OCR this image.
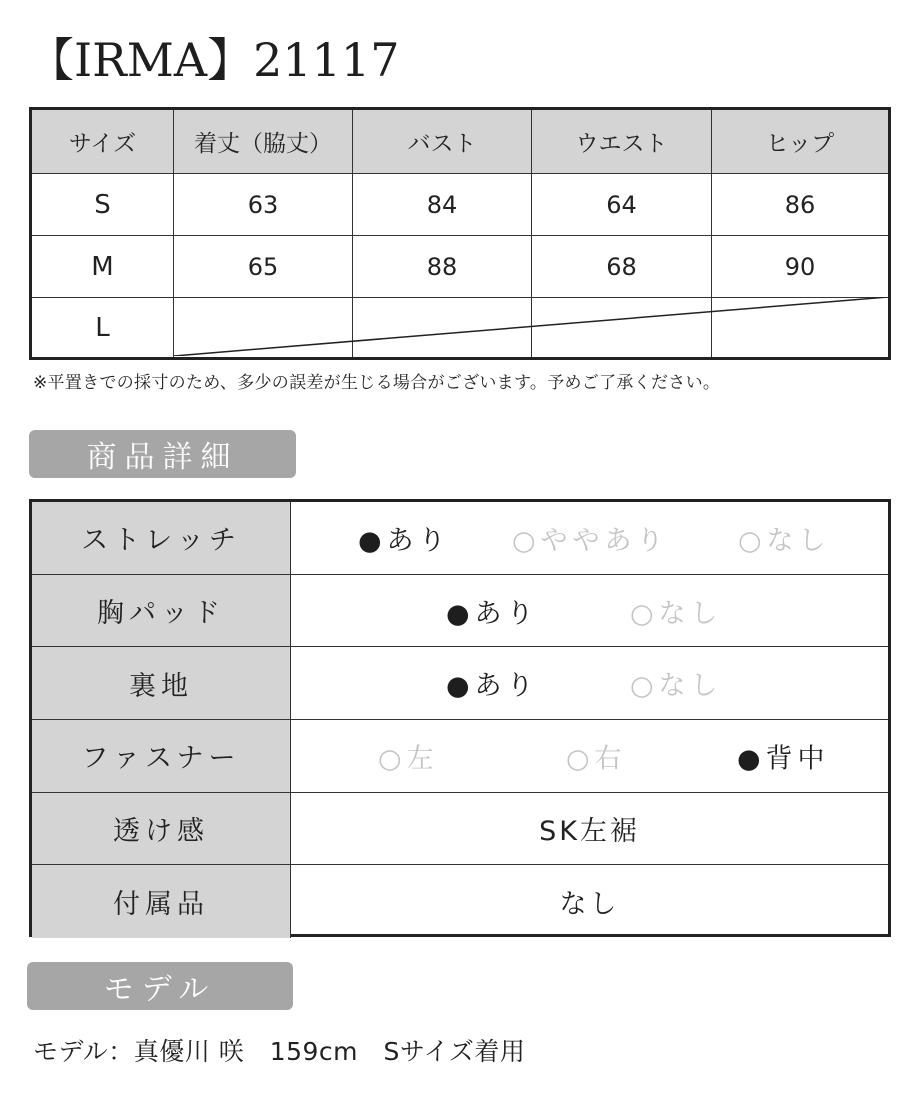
【IRMA】21117
サイズ	着丈（脇丈）	バスト	ウエスト	ヒップ
S	63	84	64	86
M	65	88	68	90
L
※平置きでの採寸のため、多少の誤差が生じる場合がございます。予めご了承ください。
商品詳細
ストレッチ	●あり ○ややあり	○なし
胸パッド	●あり	○なし
裏地	●あり	○なし
ファスナー	○左	○右	●背中
透け感	SK左裾
付属品	なし
モデル
モデル：真優川 咲　159cm　Sサイズ着用
